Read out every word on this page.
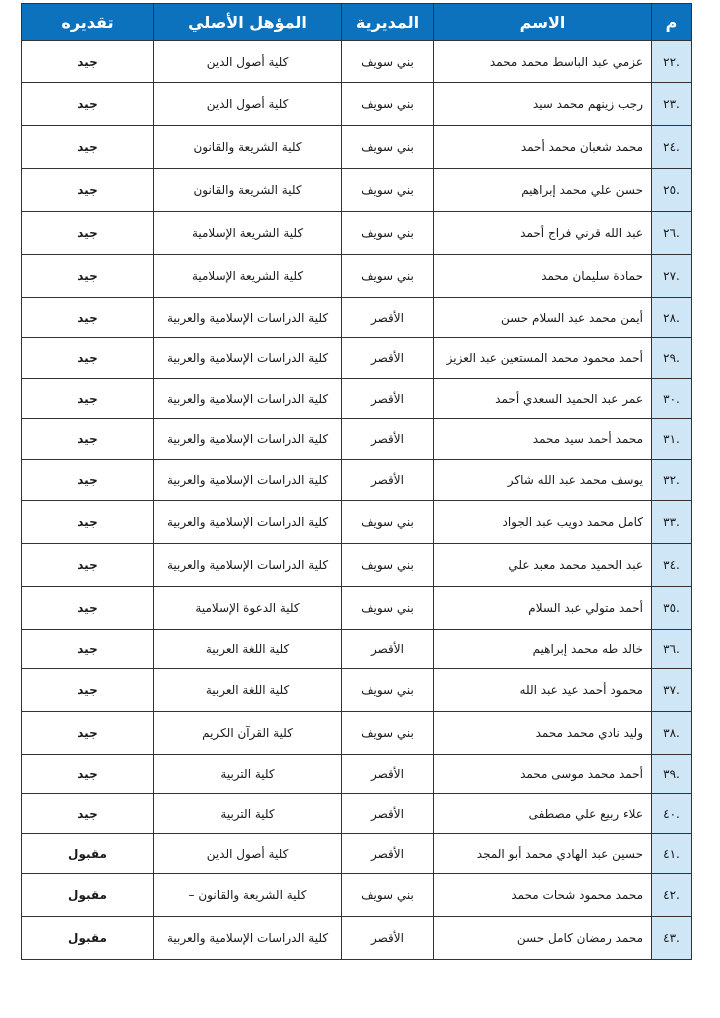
م	الاسم	المديرية	المؤهل الأصلي	تقديره
.٢٢	عزمي عبد الباسط محمد محمد	بني سويف	كلية أصول الدين	جيد
.٢٣	رجب زينهم محمد سيد	بني سويف	كلية أصول الدين	جيد
.٢٤	محمد شعبان محمد أحمد	بني سويف	كلية الشريعة والقانون	جيد
.٢٥	حسن علي محمد إبراهيم	بني سويف	كلية الشريعة والقانون	جيد
.٢٦	عبد الله قرني فراج أحمد	بني سويف	كلية الشريعة الإسلامية	جيد
.٢٧	حمادة سليمان محمد	بني سويف	كلية الشريعة الإسلامية	جيد
.٢٨	أيمن محمد عبد السلام حسن	الأقصر	كلية الدراسات الإسلامية والعربية	جيد
.٢٩	أحمد محمود محمد المستعين عبد العزيز	الأقصر	كلية الدراسات الإسلامية والعربية	جيد
.٣٠	عمر عبد الحميد السعدي أحمد	الأقصر	كلية الدراسات الإسلامية والعربية	جيد
.٣١	محمد أحمد سيد محمد	الأقصر	كلية الدراسات الإسلامية والعربية	جيد
.٣٢	يوسف محمد عبد الله شاكر	الأقصر	كلية الدراسات الإسلامية والعربية	جيد
.٣٣	كامل محمد دويب عبد الجواد	بني سويف	كلية الدراسات الإسلامية والعربية	جيد
.٣٤	عبد الحميد محمد معبد علي	بني سويف	كلية الدراسات الإسلامية والعربية	جيد
.٣٥	أحمد متولي عبد السلام	بني سويف	كلية الدعوة الإسلامية	جيد
.٣٦	خالد طه محمد إبراهيم	الأقصر	كلية اللغة العربية	جيد
.٣٧	محمود أحمد عيد عبد الله	بني سويف	كلية اللغة العربية	جيد
.٣٨	وليد نادي محمد محمد	بني سويف	كلية القرآن الكريم	جيد
.٣٩	أحمد محمد موسى محمد	الأقصر	كلية التربية	جيد
.٤٠	علاء ربيع علي مصطفى	الأقصر	كلية التربية	جيد
.٤١	حسين عبد الهادي محمد أبو المجد	الأقصر	كلية أصول الدين	مقبول
.٤٢	محمد محمود شحات محمد	بني سويف	كلية الشريعة والقانون –	مقبول
.٤٣	محمد رمضان كامل حسن	الأقصر	كلية الدراسات الإسلامية والعربية	مقبول
